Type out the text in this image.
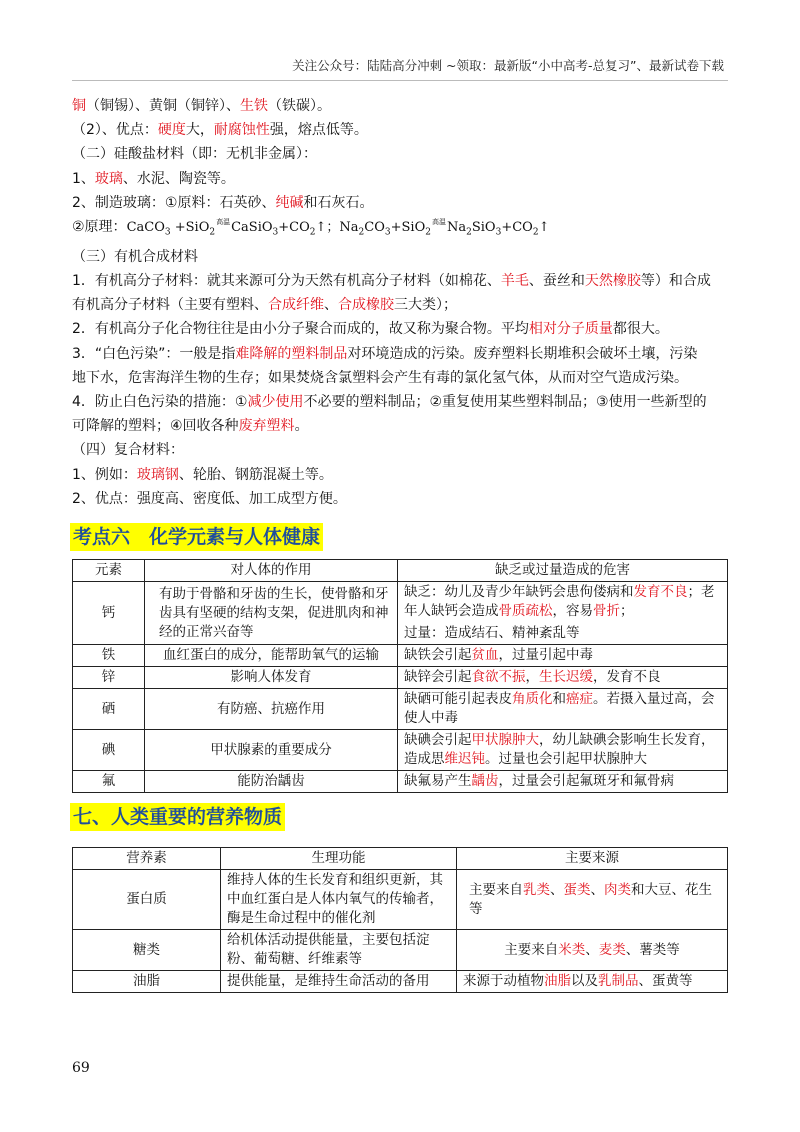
关注公众号：陆陆高分冲刺 ~领取：最新版“小中高考-总复习”、最新试卷下载
铜（铜锡）、黄铜（铜锌）、生铁（铁碳）。
（2）、优点：硬度大，耐腐蚀性强，熔点低等。
（二）硅酸盐材料（即：无机非金属）：
1、玻璃、水泥、陶瓷等。
2、制造玻璃：①原料：石英砂、纯碱和石灰石。
②原理：CaCO$_3$ $+SiO_2^{高温}CaSiO_3+CO_2↑$；$Na_2CO_3+SiO_2^{高温}Na_2SiO_3+CO_2↑$
（三）有机合成材料
1．有机高分子材料：就其来源可分为天然有机高分子材料（如棉花、羊毛、蚕丝和天然橡胶等）和合成
有机高分子材料（主要有塑料、合成纤维、合成橡胶三大类）；
2．有机高分子化合物往往是由小分子聚合而成的，故又称为聚合物。平均相对分子质量都很大。
3．“白色污染”：一般是指难降解的塑料制品对环境造成的污染。废弃塑料长期堆积会破坏土壤，污染
地下水，危害海洋生物的生存；如果焚烧含氯塑料会产生有毒的氯化氢气体，从而对空气造成污染。
4．防止白色污染的措施：①减少使用不必要的塑料制品；②重复使用某些塑料制品；③使用一些新型的
可降解的塑料；④回收各种废弃塑料。
（四）复合材料：
1、例如：玻璃钢、轮胎、钢筋混凝土等。
2、优点：强度高、密度低、加工成型方便。
考点六　化学元素与人体健康
元素	对人体的作用	缺乏或过量造成的危害
钙	有助于骨骼和牙齿的生长，使骨骼和牙齿具有坚硬的结构支架，促进肌肉和神经的正常兴奋等	缺乏：幼儿及青少年缺钙会患佝偻病和发育不良；老年人缺钙会造成骨质疏松，容易骨折；
过量：造成结石、精神紊乱等

铁	血红蛋白的成分，能帮助氧气的运输	缺铁会引起贫血，过量引起中毒
锌	影响人体发育	缺锌会引起食欲不振，生长迟缓，发育不良
硒	有防癌、抗癌作用	缺硒可能引起表皮角质化和癌症。若摄入量过高，会使人中毒
碘	甲状腺素的重要成分	缺碘会引起甲状腺肿大，幼儿缺碘会影响生长发育，造成思维迟钝。过量也会引起甲状腺肿大
氟	能防治龋齿	缺氟易产生龋齿，过量会引起氟斑牙和氟骨病
七、人类重要的营养物质
营养素	生理功能	主要来源
蛋白质	维持人体的生长发育和组织更新，其中血红蛋白是人体内氧气的传输者，酶是生命过程中的催化剂	主要来自乳类、蛋类、肉类和大豆、花生等
糖类	给机体活动提供能量，主要包括淀粉、葡萄糖、纤维素等	主要来自米类、麦类、薯类等
油脂	提供能量，是维持生命活动的备用	来源于动植物油脂以及乳制品、蛋黄等
69
